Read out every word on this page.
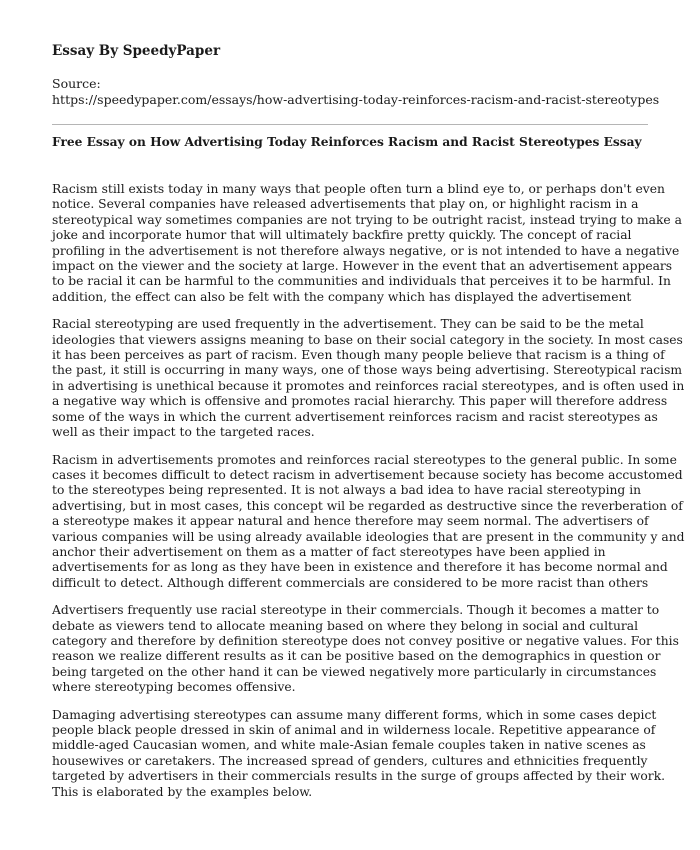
Essay By SpeedyPaper
Source:
https://speedypaper.com/essays/how-advertising-today-reinforces-racism-and-racist-stereotypes
Free Essay on How Advertising Today Reinforces Racism and Racist Stereotypes Essay
Racism still exists today in many ways that people often turn a blind eye to, or perhaps don't even
notice. Several companies have released advertisements that play on, or highlight racism in a
stereotypical way sometimes companies are not trying to be outright racist, instead trying to make a
joke and incorporate humor that will ultimately backfire pretty quickly. The concept of racial
profiling in the advertisement is not therefore always negative, or is not intended to have a negative
impact on the viewer and the society at large. However in the event that an advertisement appears
to be racial it can be harmful to the communities and individuals that perceives it to be harmful. In
addition, the effect can also be felt with the company which has displayed the advertisement
Racial stereotyping are used frequently in the advertisement. They can be said to be the metal
ideologies that viewers assigns meaning to base on their social category in the society. In most cases
it has been perceives as part of racism. Even though many people believe that racism is a thing of
the past, it still is occurring in many ways, one of those ways being advertising. Stereotypical racism
in advertising is unethical because it promotes and reinforces racial stereotypes, and is often used in
a negative way which is offensive and promotes racial hierarchy. This paper will therefore address
some of the ways in which the current advertisement reinforces racism and racist stereotypes as
well as their impact to the targeted races.
Racism in advertisements promotes and reinforces racial stereotypes to the general public. In some
cases it becomes difficult to detect racism in advertisement because society has become accustomed
to the stereotypes being represented. It is not always a bad idea to have racial stereotyping in
advertising, but in most cases, this concept wil be regarded as destructive since the reverberation of
a stereotype makes it appear natural and hence therefore may seem normal. The advertisers of
various companies will be using already available ideologies that are present in the community y and
anchor their advertisement on them as a matter of fact stereotypes have been applied in
advertisements for as long as they have been in existence and therefore it has become normal and
difficult to detect. Although different commercials are considered to be more racist than others
Advertisers frequently use racial stereotype in their commercials. Though it becomes a matter to
debate as viewers tend to allocate meaning based on where they belong in social and cultural
category and therefore by definition stereotype does not convey positive or negative values. For this
reason we realize different results as it can be positive based on the demographics in question or
being targeted on the other hand it can be viewed negatively more particularly in circumstances
where stereotyping becomes offensive.
Damaging advertising stereotypes can assume many different forms, which in some cases depict
people black people dressed in skin of animal and in wilderness locale. Repetitive appearance of
middle-aged Caucasian women, and white male-Asian female couples taken in native scenes as
housewives or caretakers. The increased spread of genders, cultures and ethnicities frequently
targeted by advertisers in their commercials results in the surge of groups affected by their work.
This is elaborated by the examples below.
